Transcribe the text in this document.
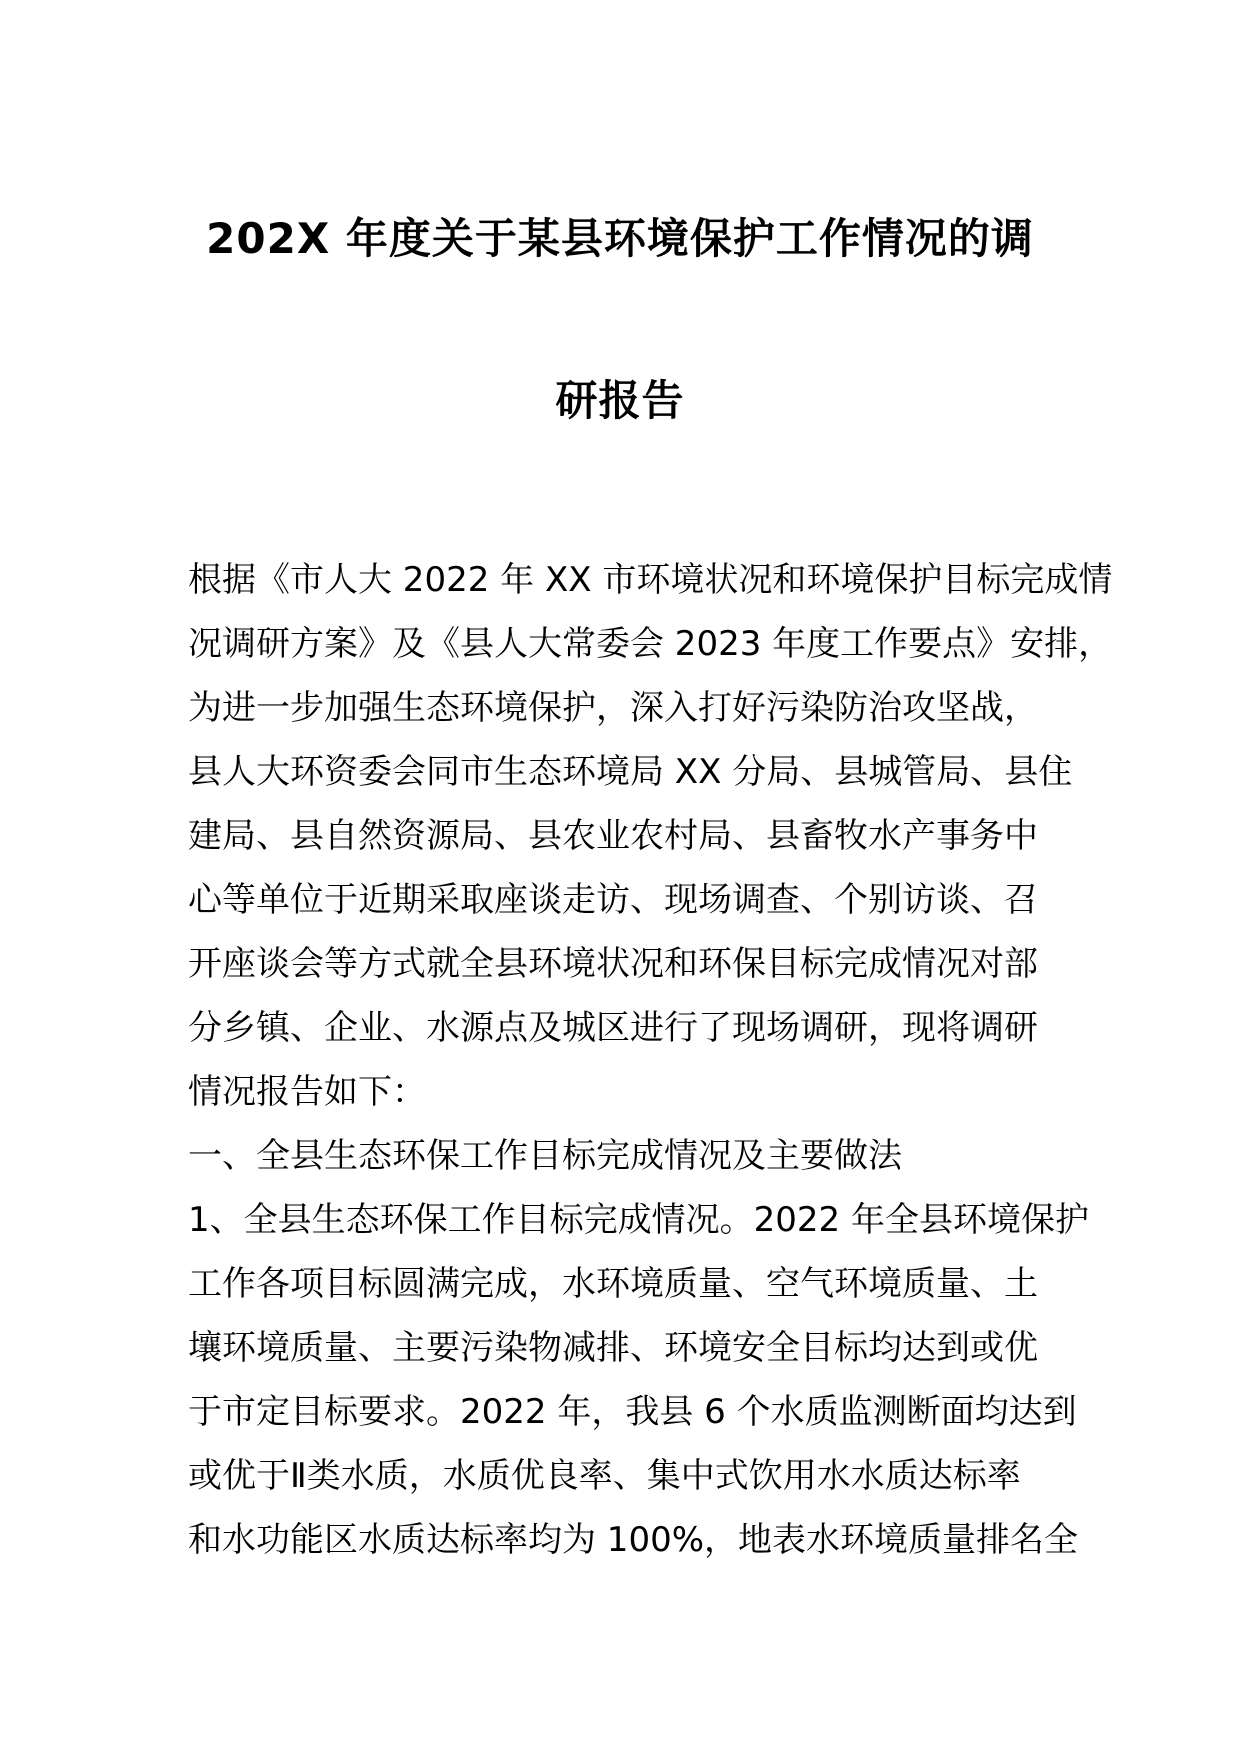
202X 年度关于某县环境保护工作情况的调
研报告
根据《市人大 2022 年 XX 市环境状况和环境保护目标完成情
况调研方案》及《县人大常委会 2023 年度工作要点》安排，
为进一步加强生态环境保护，深入打好污染防治攻坚战，
县人大环资委会同市生态环境局 XX 分局、县城管局、县住
建局、县自然资源局、县农业农村局、县畜牧水产事务中
心等单位于近期采取座谈走访、现场调查、个别访谈、召
开座谈会等方式就全县环境状况和环保目标完成情况对部
分乡镇、企业、水源点及城区进行了现场调研，现将调研
情况报告如下：
一、全县生态环保工作目标完成情况及主要做法
1、全县生态环保工作目标完成情况。2022 年全县环境保护
工作各项目标圆满完成，水环境质量、空气环境质量、土
壤环境质量、主要污染物减排、环境安全目标均达到或优
于市定目标要求。2022 年，我县 6 个水质监测断面均达到
或优于Ⅱ类水质，水质优良率、集中式饮用水水质达标率
和水功能区水质达标率均为 100%，地表水环境质量排名全
